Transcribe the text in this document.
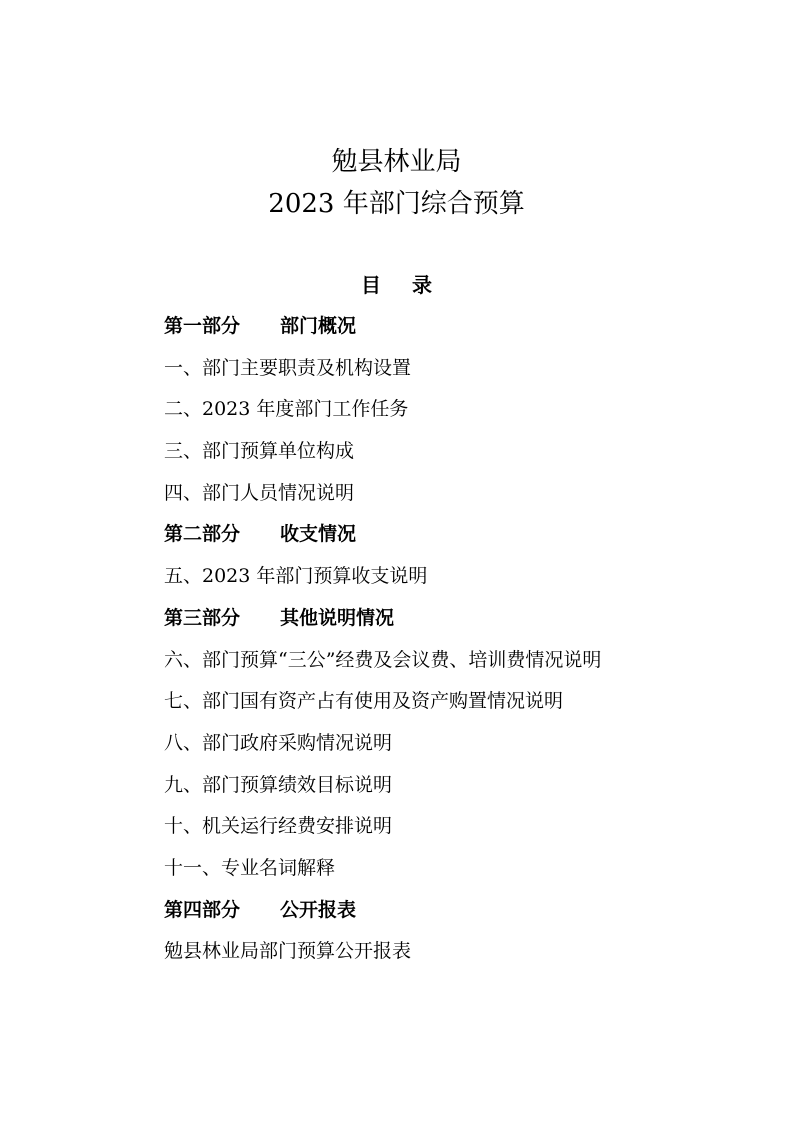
勉县林业局
2023 年部门综合预算
目 录
第一部分 部门概况
一、部门主要职责及机构设置
二、2023 年度部门工作任务
三、部门预算单位构成
四、部门人员情况说明
第二部分 收支情况
五、2023 年部门预算收支说明
第三部分 其他说明情况
六、部门预算“三公”经费及会议费、培训费情况说明
七、部门国有资产占有使用及资产购置情况说明
八、部门政府采购情况说明
九、部门预算绩效目标说明
十、机关运行经费安排说明
十一、专业名词解释
第四部分 公开报表
勉县林业局部门预算公开报表
